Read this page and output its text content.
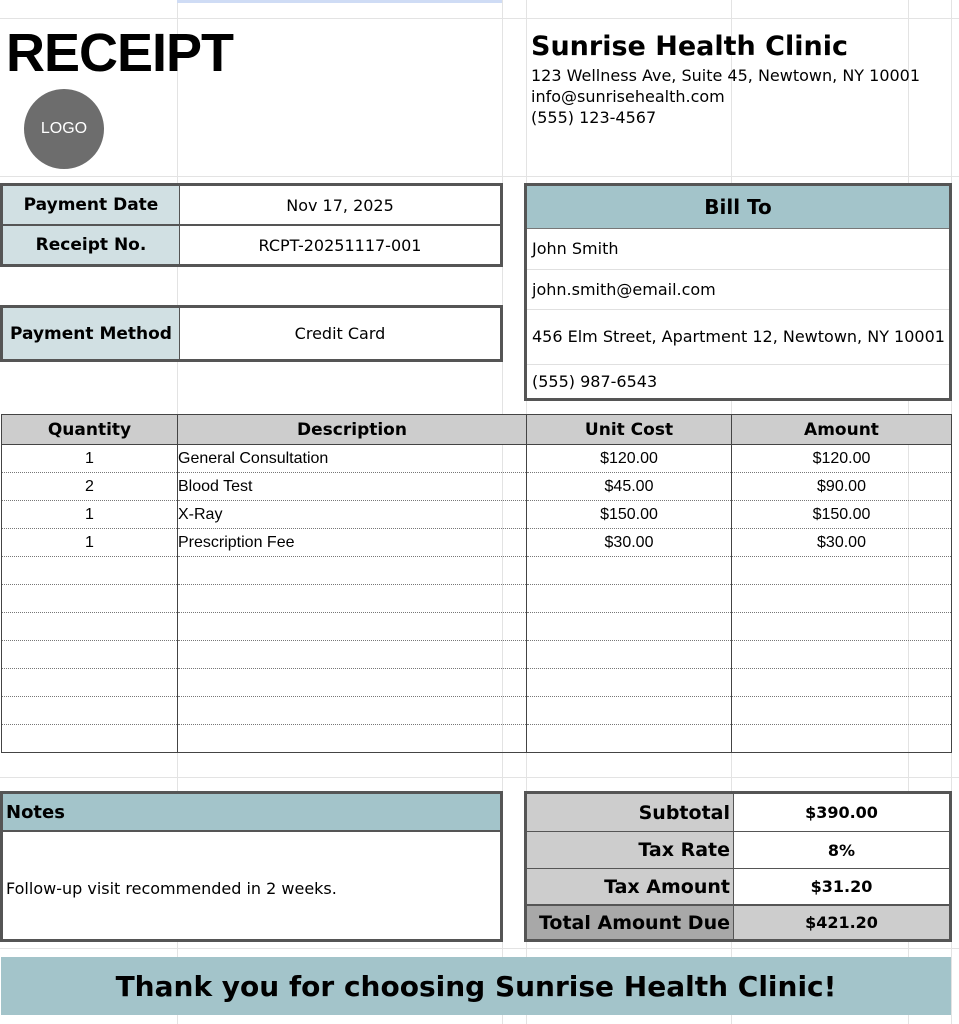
RECEIPT
LOGO
Sunrise Health Clinic
123 Wellness Ave, Suite 45, Newtown, NY 10001
info@sunrisehealth.com
(555) 123-4567
Payment Date	Nov 17, 2025
Receipt No.	RCPT-20251117-001
Payment Method	Credit Card
Bill To
John Smith
john.smith@email.com
456 Elm Street, Apartment 12, Newtown, NY 10001
(555) 987-6543
Quantity	Description	Unit Cost	Amount
1	General Consultation	$120.00	$120.00
2	Blood Test	$45.00	$90.00
1	X-Ray	$150.00	$150.00
1	Prescription Fee	$30.00	$30.00

Notes
Follow-up visit recommended in 2 weeks.
Subtotal	$390.00
Tax Rate	8%
Tax Amount	$31.20
Total Amount Due	$421.20
Thank you for choosing Sunrise Health Clinic!
